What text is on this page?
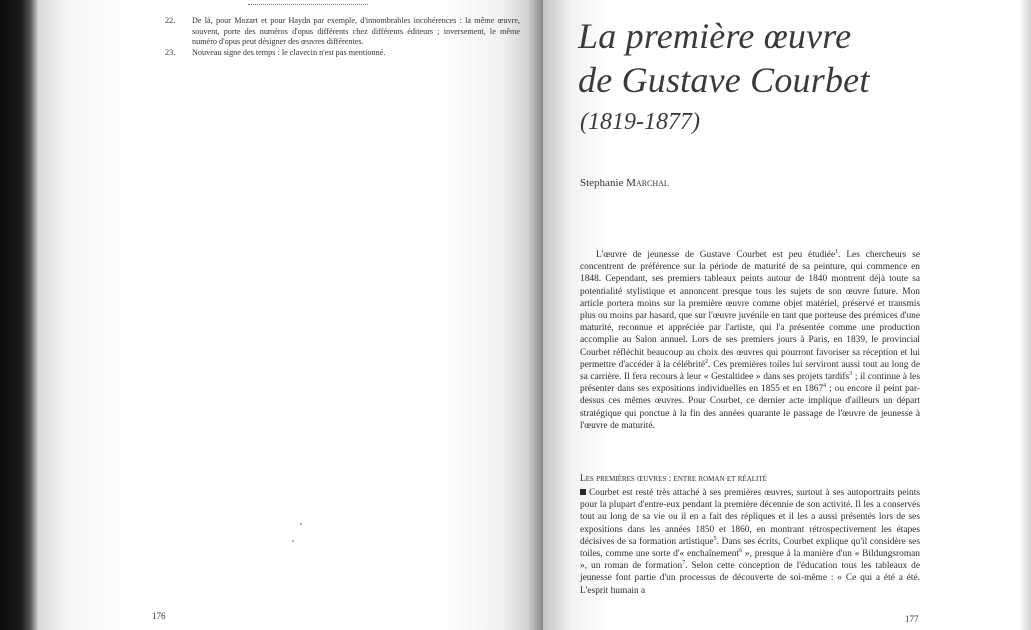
22.	De là, pour Mozart et pour Haydn par exemple, d'innombrables incohérences : la même œuvre, souvent, porte des numéros d'opus différents chez différents éditeurs ; inversement, le même numéro d'opus peut désigner des œuvres différentes.

23.	Nouveau signe des temps : le clavecin n'est pas mentionné.

176
La première œuvre
de Gustave Courbet
(1819-1877)
Stephanie Marchal

L'œuvre de jeunesse de Gustave Courbet est peu étudiée$^1$. Les chercheurs se concentrent de préférence sur la période de maturité de sa peinture, qui commence en 1848. Cependant, ses premiers tableaux peints autour de 1840 montrent déjà toute sa potentialité stylistique et annoncent presque tous les sujets de son œuvre future. Mon article portera moins sur la première œuvre comme objet matériel, préservé et transmis plus ou moins par hasard, que sur l'œuvre juvénile en tant que porteuse des prémices d'une maturité, reconnue et appréciée par l'artiste, qui l'a présentée comme une production accomplie au Salon annuel. Lors de ses premiers jours à Paris, en 1839, le provincial Courbet réfléchit beaucoup au choix des œuvres qui pourront favoriser sa réception et lui permettre d'accéder à la célébrité$^2$. Ces premières toiles lui serviront aussi tout au long de sa carrière. Il fera recours à leur « Gestaltidee » dans ses projets tardifs$^3$ ; il continue à les présenter dans ses expositions individuelles en 1855 et en 1867$^4$ ; ou encore il peint par-dessus ces mêmes œuvres. Pour Courbet, ce dernier acte implique d'ailleurs un départ stratégique qui ponctue à la fin des années quarante le passage de l'œuvre de jeunesse à l'œuvre de maturité.

Les premières œuvres : entre roman et réalité

Courbet est resté très attaché à ses premières œuvres, surtout à ses autoportraits peints pour la plupart d'entre-eux pendant la première décennie de son activité. Il les a conservés tout au long de sa vie ou il en a fait des répliques et il les a aussi présentés lors de ses expositions dans les années 1850 et 1860, en montrant rétrospectivement les étapes décisives de sa formation artistique$^5$. Dans ses écrits, Courbet explique qu'il considère ses toiles, comme une sorte d'« enchaînement$^6$ », presque à la manière d'un « Bildungsroman », un roman de formation$^7$. Selon cette conception de l'éducation tous les tableaux de jeunesse font partie d'un processus de découverte de soi-même : « Ce qui a été a été. L'esprit humain a

177
